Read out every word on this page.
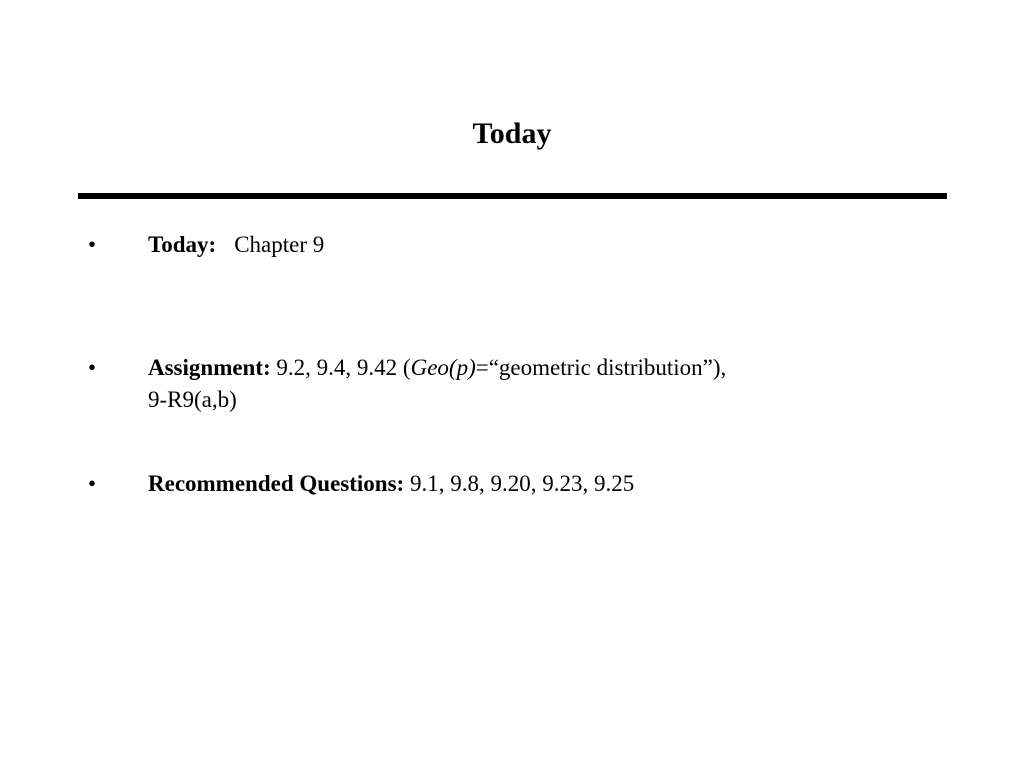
Today
• Today: Chapter 9
• Assignment: 9.2, 9.4, 9.42 (Geo(p)=“geometric distribution”),
9-R9(a,b)
• Recommended Questions: 9.1, 9.8, 9.20, 9.23, 9.25
